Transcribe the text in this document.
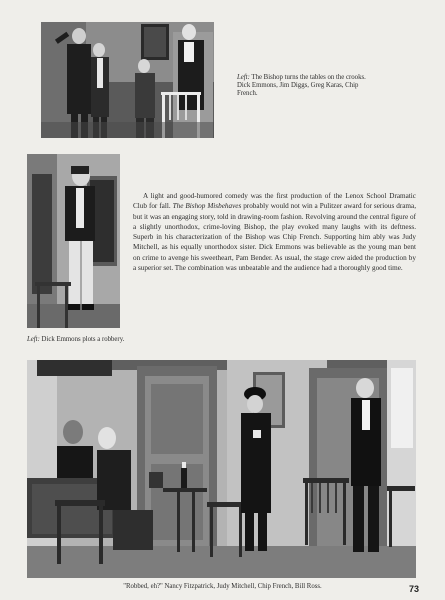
Left: The Bishop turns the tables on the crooks. Dick Emmons, Jim Diggs, Greg Karas, Chip French.
Left: Dick Emmons plots a robbery.

A light and good-humored comedy was the first production of the Lenox School Dramatic Club for fall. The Bishop Misbehaves probably would not win a Pulitzer award for serious drama, but it was an engaging story, told in drawing-room fashion. Revolving around the central figure of a slightly unorthodox, crime-loving Bishop, the play evoked many laughs with its deftness. Superb in his characterization of the Bishop was Chip French. Supporting him ably was Judy Mitchell, as his equally unorthodox sister. Dick Emmons was believable as the young man bent on crime to avenge his sweetheart, Pam Bender. As usual, the stage crew aided the production by a superior set. The combination was unbeatable and the audience had a thoroughly good time.

"Robbed, eh?" Nancy Fitzpatrick, Judy Mitchell, Chip French, Bill Ross.	73
